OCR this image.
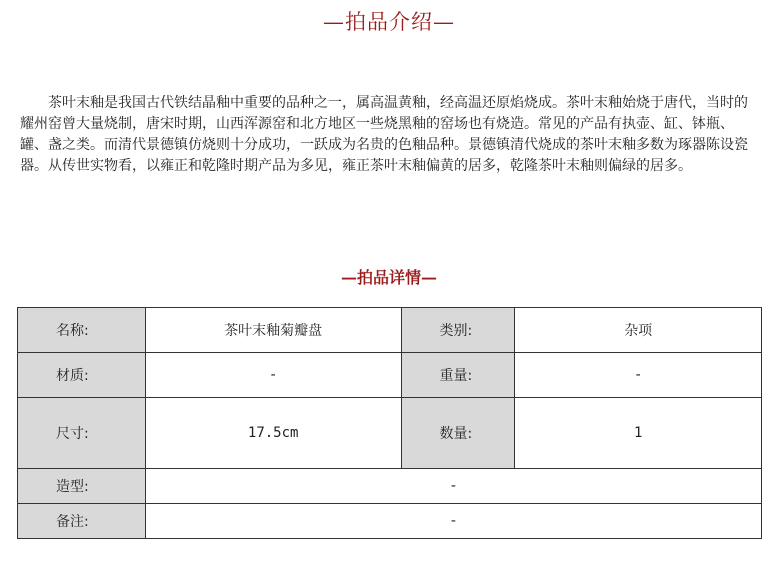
—拍品介绍—

茶叶末釉是我国古代铁结晶釉中重要的品种之一，属高温黄釉，经高温还原焰烧成。茶叶末釉始烧于唐代，当时的耀州窑曾大量烧制，唐宋时期，山西浑源窑和北方地区一些烧黑釉的窑场也有烧造。常见的产品有执壶、缸、钵瓶、罐、盏之类。而清代景德镇仿烧则十分成功，一跃成为名贵的色釉品种。景德镇清代烧成的茶叶末釉多数为琢器陈设瓷器。从传世实物看，以雍正和乾隆时期产品为多见，雍正茶叶末釉偏黄的居多，乾隆茶叶末釉则偏绿的居多。

—拍品详情—
名称:	茶叶末釉菊瓣盘	类别:	杂项
材质:	-	重量:	-
尺寸:	17.5cm	数量:	1
造型:	-		
备注:	-		
